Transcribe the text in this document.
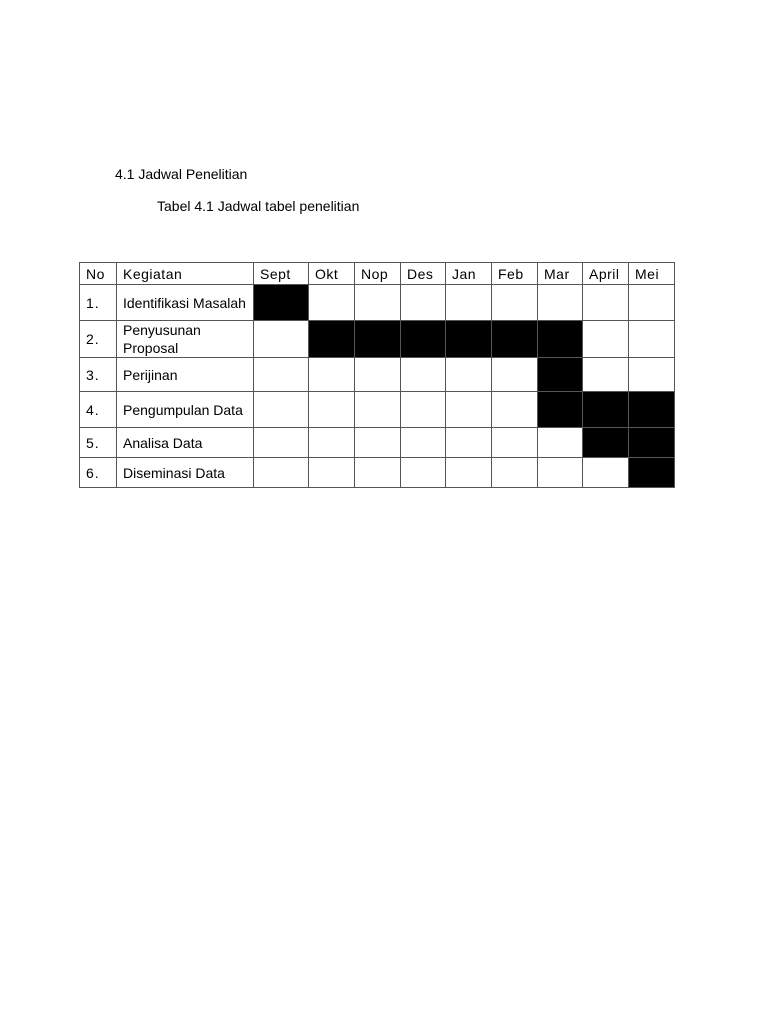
4.1 Jadwal Penelitian
Tabel 4.1 Jadwal tabel penelitian
No	Kegiatan	Sept	Okt	Nop	Des	Jan	Feb	Mar	April	Mei
1.	Identifikasi Masalah									
2.	Penyusunan Proposal									
3.	Perijinan									
4.	Pengumpulan Data									
5.	Analisa Data									
6.	Diseminasi Data									
